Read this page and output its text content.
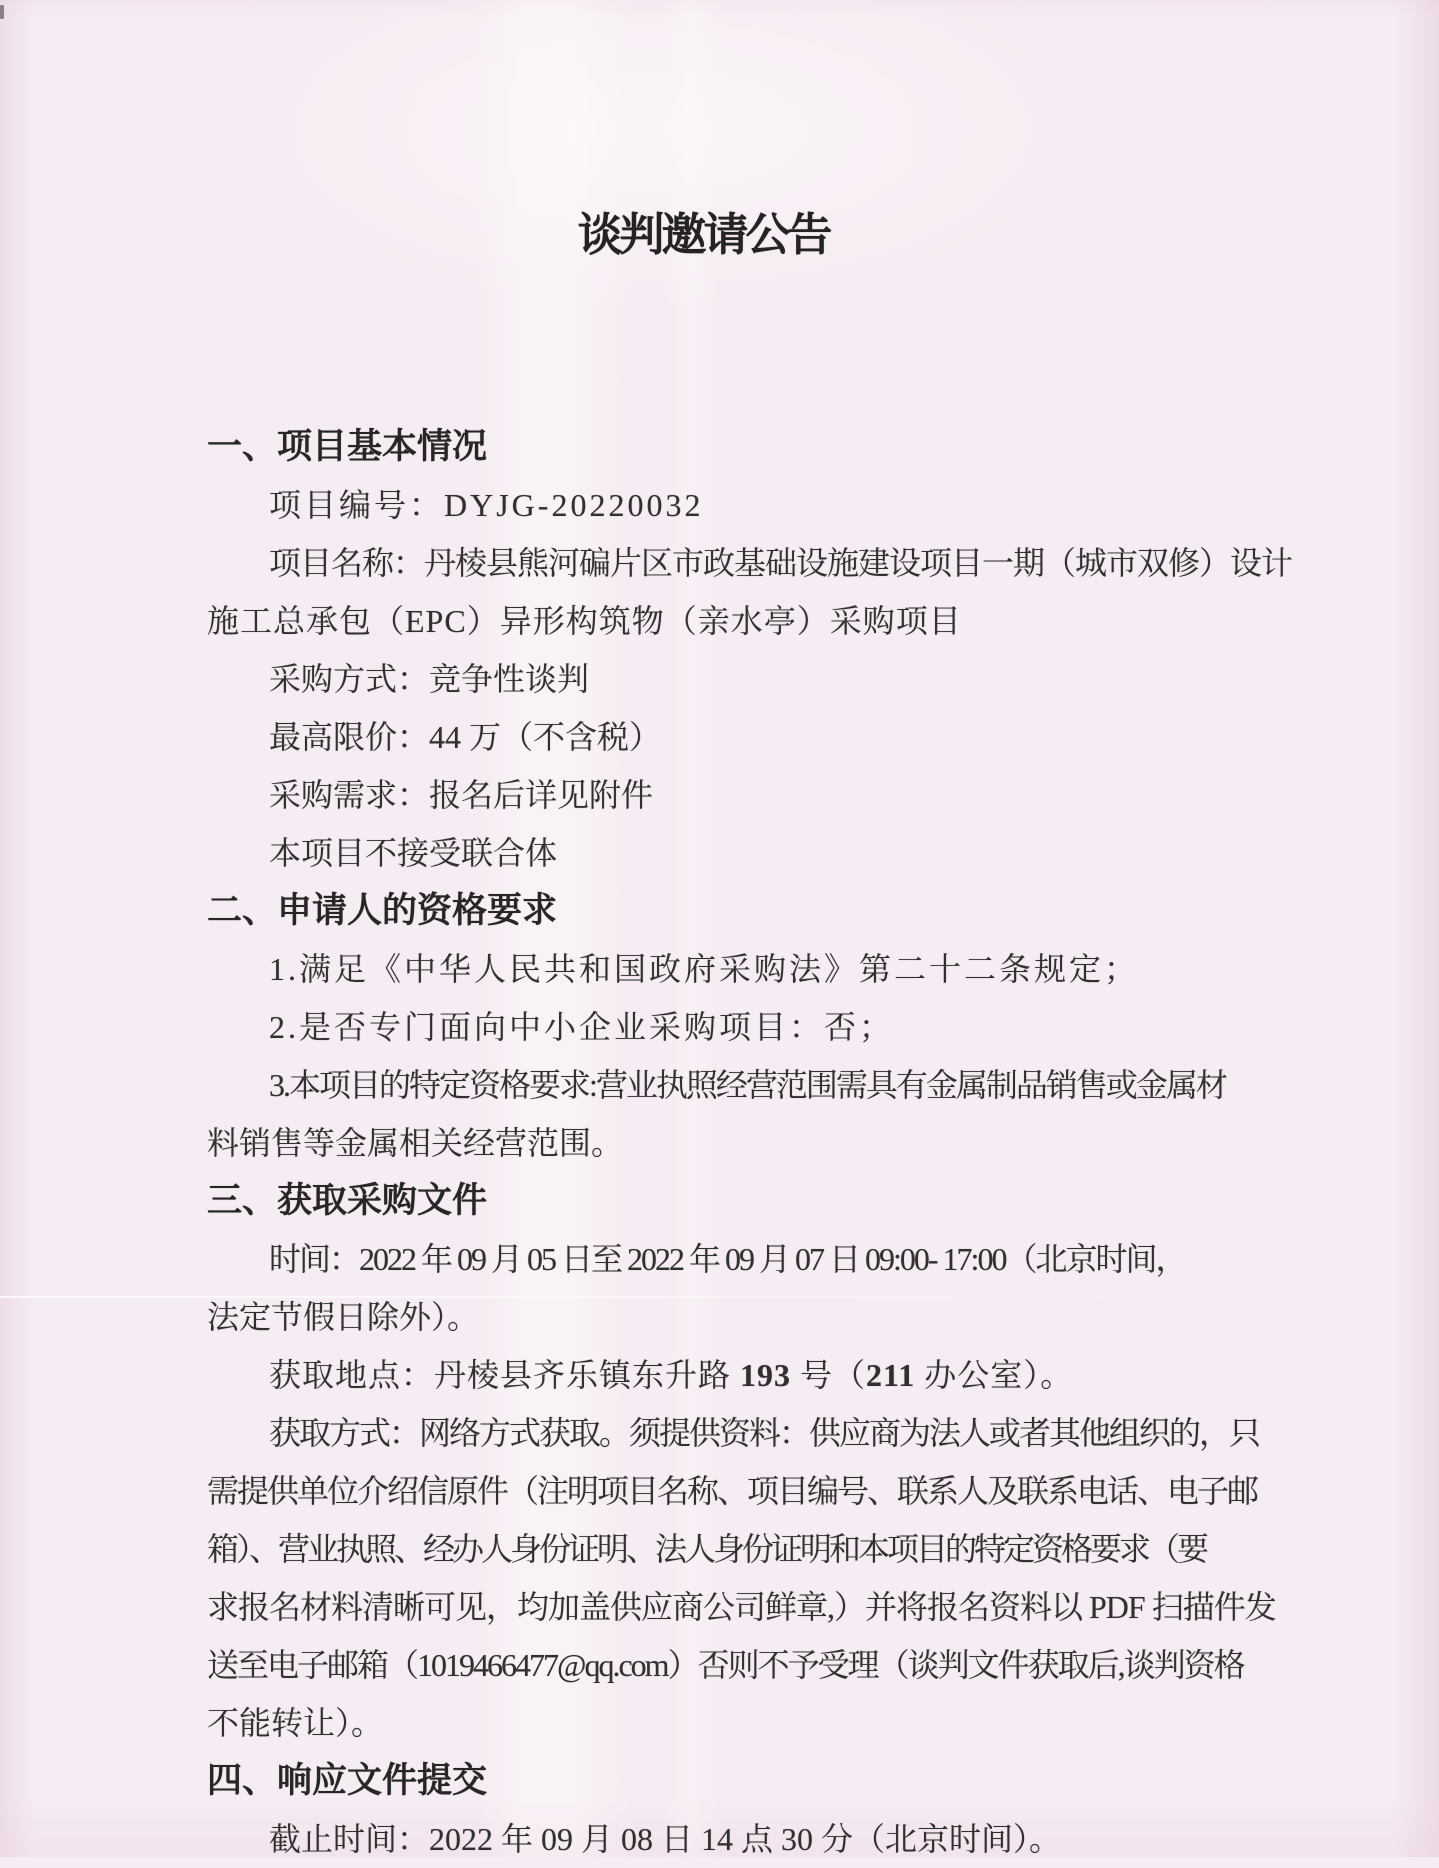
谈判邀请公告
一、项目基本情况
项目编号：DYJG-20220032
项目名称：丹棱县熊河碥片区市政基础设施建设项目一期（城市双修）设计
施工总承包（EPC）异形构筑物（亲水亭）采购项目
采购方式：竞争性谈判
最高限价：44 万（不含税）
采购需求：报名后详见附件
本项目不接受联合体
二、申请人的资格要求
1.满足《中华人民共和国政府采购法》第二十二条规定；
2.是否专门面向中小企业采购项目：否；
3.本项目的特定资格要求:营业执照经营范围需具有金属制品销售或金属材
料销售等金属相关经营范围。
三、获取采购文件
时间：2022 年 09 月 05 日至 2022 年 09 月 07 日 09:00- 17:00（北京时间，
法定节假日除外）。
获取地点：丹棱县齐乐镇东升路 193 号（211 办公室）。
获取方式：网络方式获取。须提供资料：供应商为法人或者其他组织的，只
需提供单位介绍信原件（注明项目名称、项目编号、联系人及联系电话、电子邮
箱）、营业执照、经办人身份证明、法人身份证明和本项目的特定资格要求（要
求报名材料清晰可见，均加盖供应商公司鲜章,）并将报名资料以 PDF 扫描件发
送至电子邮箱（1019466477@qq.com）否则不予受理（谈判文件获取后,谈判资格
不能转让）。
四、响应文件提交
截止时间：2022 年 09 月 08 日 14 点 30 分（北京时间）。
